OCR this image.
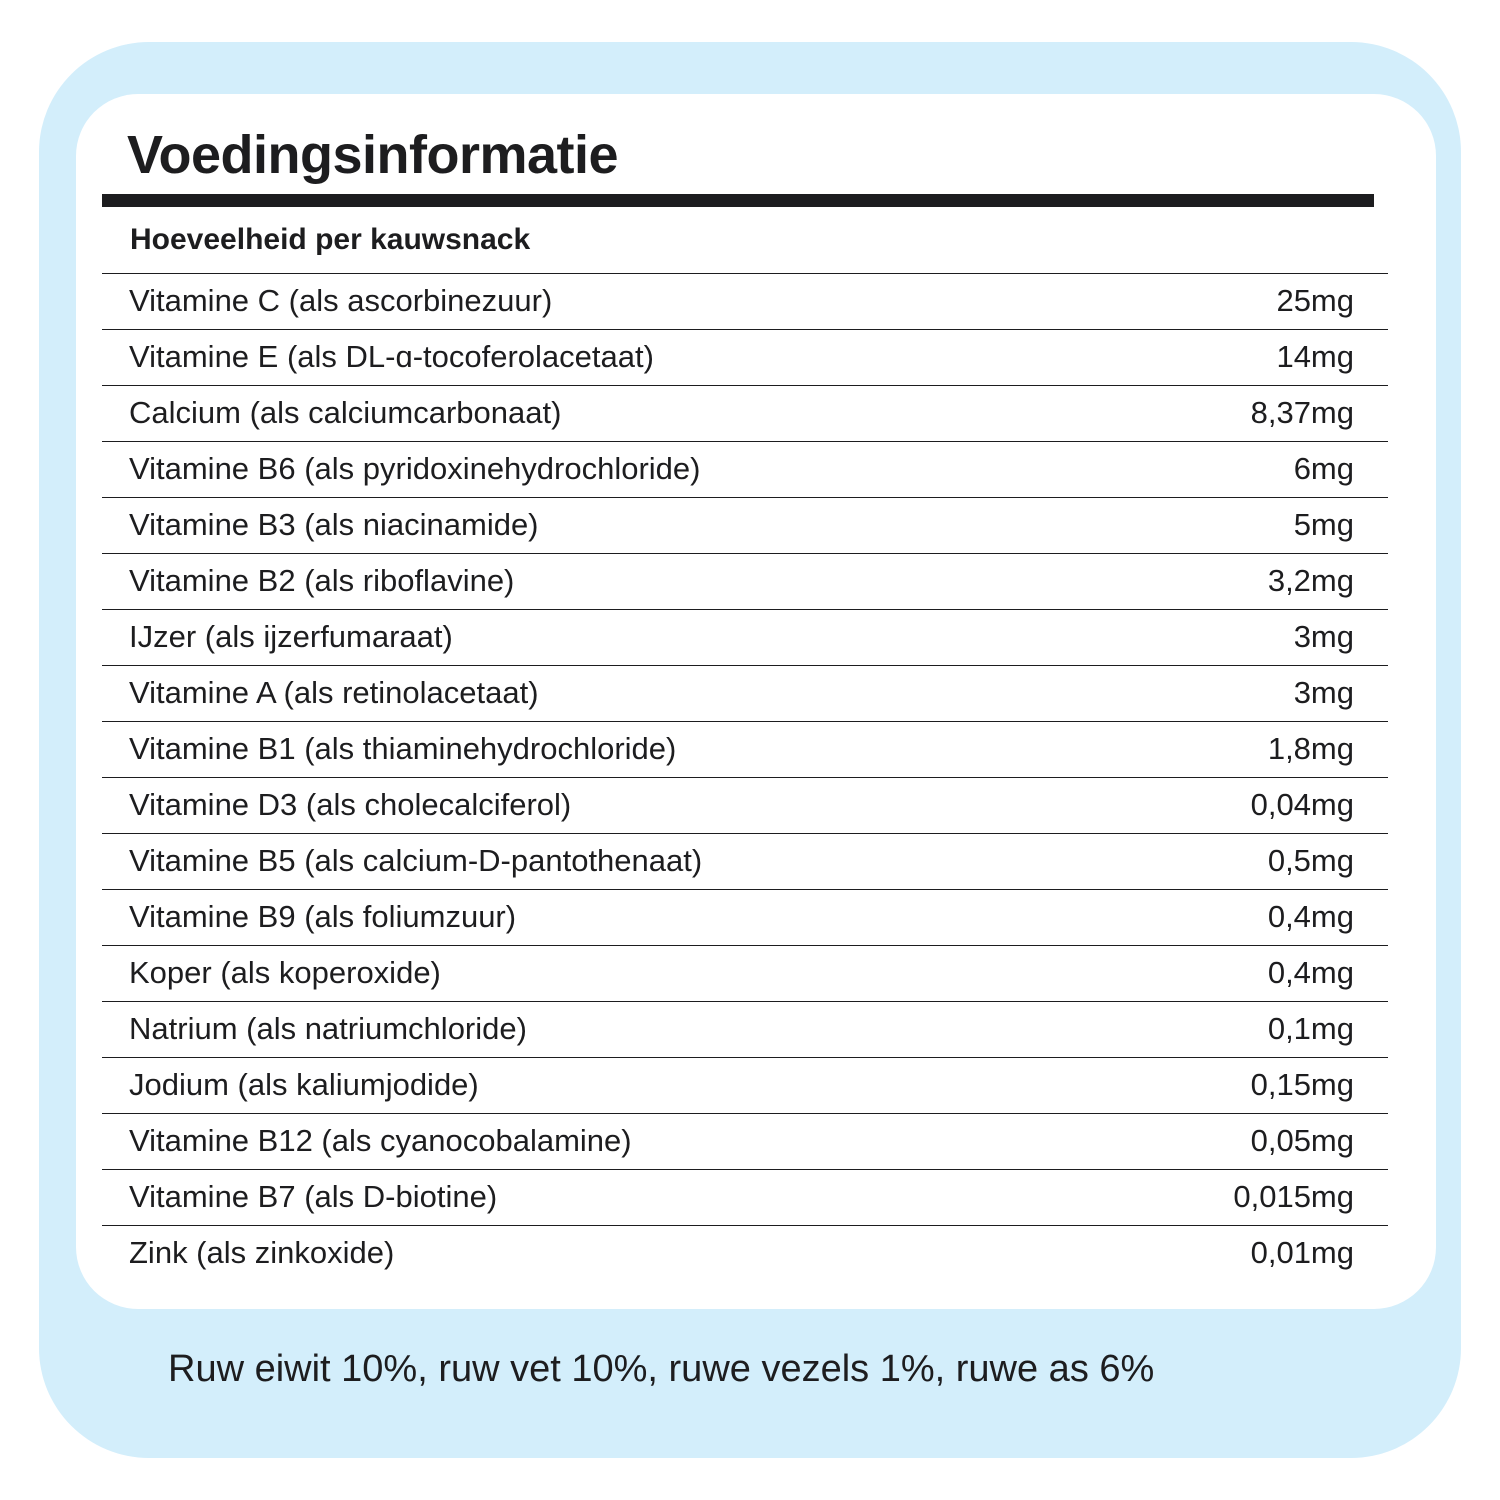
Voedingsinformatie
Hoeveelheid per kauwsnack
Vitamine C (als ascorbinezuur)	25mg
Vitamine E (als DL-ɑ-tocoferolacetaat)	14mg
Calcium (als calciumcarbonaat)	8,37mg
Vitamine B6 (als pyridoxinehydrochloride)	6mg
Vitamine B3 (als niacinamide)	5mg
Vitamine B2 (als riboflavine)	3,2mg
IJzer (als ijzerfumaraat)	3mg
Vitamine A (als retinolacetaat)	3mg
Vitamine B1 (als thiaminehydrochloride)	1,8mg
Vitamine D3 (als cholecalciferol)	0,04mg
Vitamine B5 (als calcium-D-pantothenaat)	0,5mg
Vitamine B9 (als foliumzuur)	0,4mg
Koper (als koperoxide)	0,4mg
Natrium (als natriumchloride)	0,1mg
Jodium (als kaliumjodide)	0,15mg
Vitamine B12 (als cyanocobalamine)	0,05mg
Vitamine B7 (als D-biotine)	0,015mg
Zink (als zinkoxide)	0,01mg
Ruw eiwit 10%, ruw vet 10%, ruwe vezels 1%, ruwe as 6%
